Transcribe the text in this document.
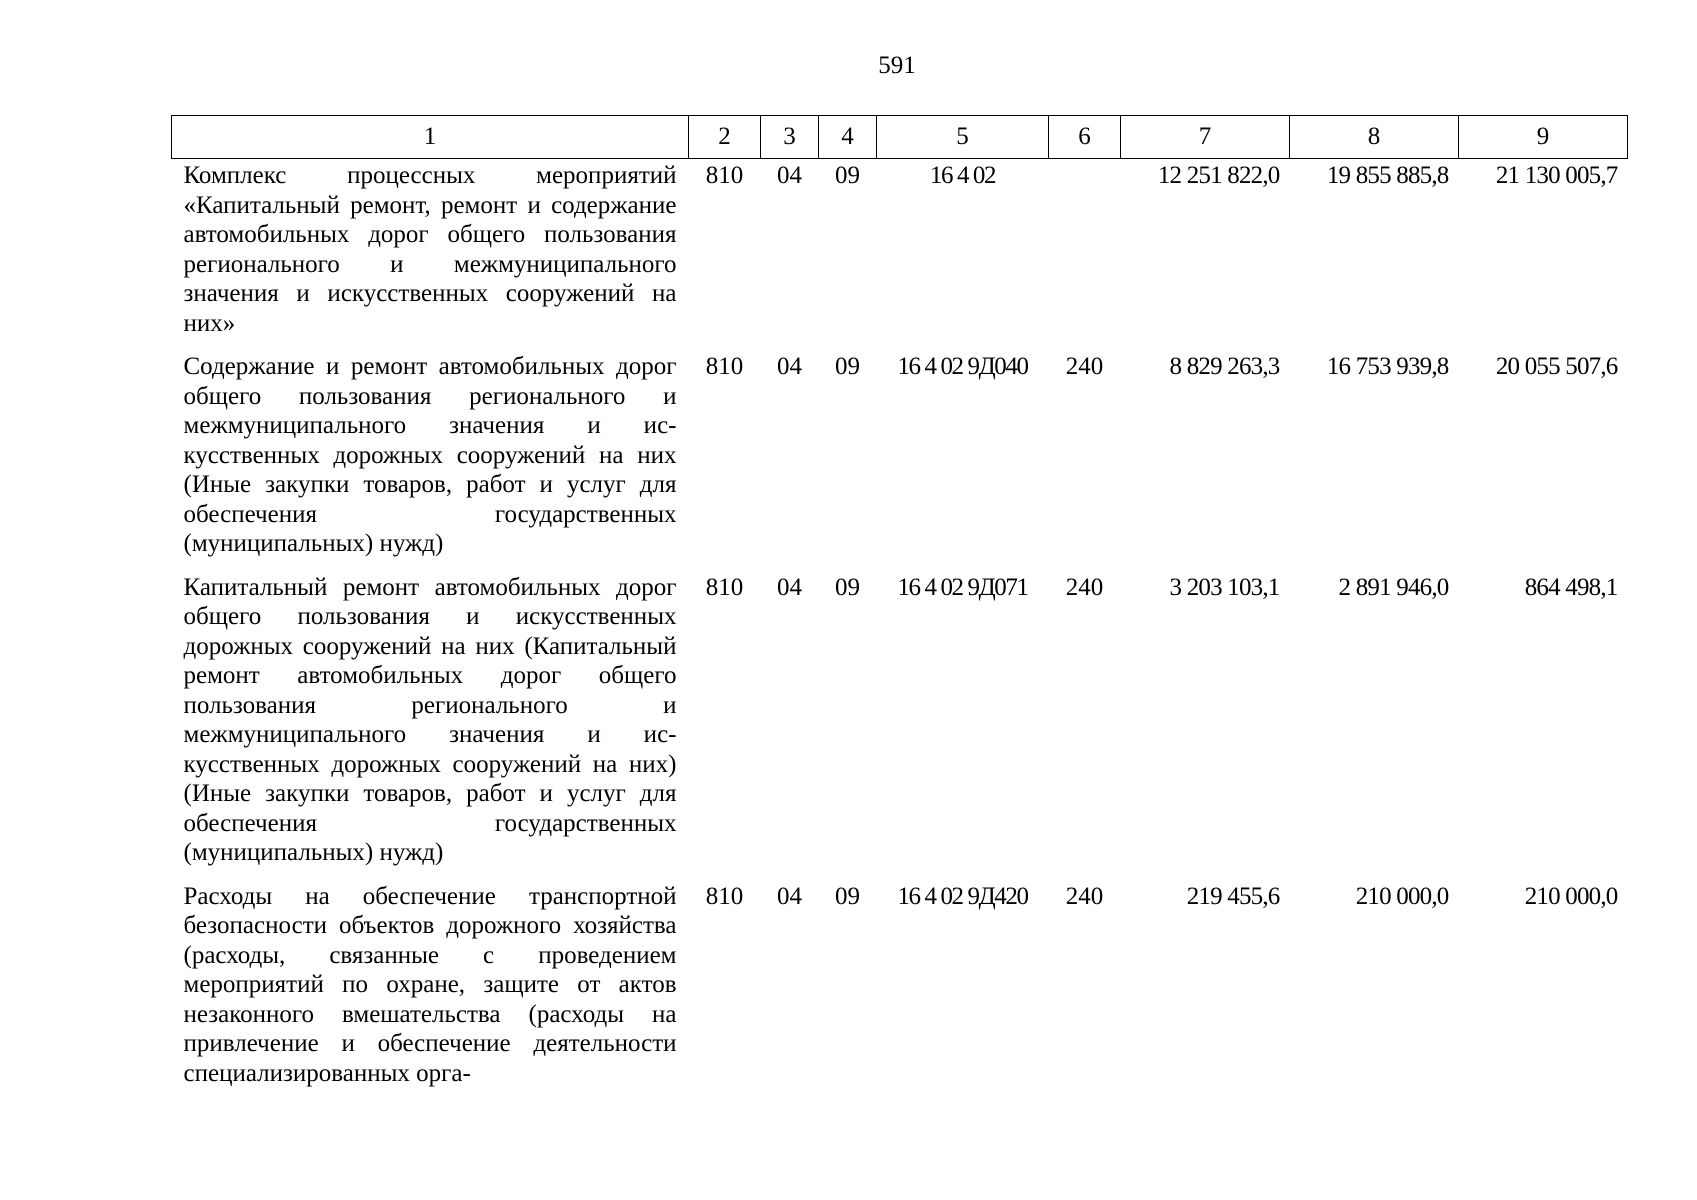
591
1	2	3	4	5	6	7	8	9
Комплекс процессных мероприятий «Капитальный ремонт, ремонт и содержание автомобильных дорог общего пользования регионального и межмуниципального значения и искусственных сооружений на них»	810	04	09	16 4 02		12 251 822,0	19 855 885,8	21 130 005,7
Содержание и ремонт автомобильных дорог общего пользования регионального и межмуниципального значения и искусственных дорожных сооружений на них (Иные закупки товаров, работ и услуг для обеспечения государственных (муниципальных) нужд)	810	04	09	16 4 02 9Д040	240	8 829 263,3	16 753 939,8	20 055 507,6
Капитальный ремонт автомобильных дорог общего пользования и искусственных дорожных сооружений на них (Капитальный ремонт автомобильных дорог общего пользования регионального и межмуниципального значения и искусственных дорожных сооружений на них) (Иные закупки товаров, работ и услуг для обеспечения государственных (муниципальных) нужд)	810	04	09	16 4 02 9Д071	240	3 203 103,1	2 891 946,0	864 498,1
Расходы на обеспечение транспортной безопасности объектов дорожного хозяйства (расходы, связанные с проведением мероприятий по охране, защите от актов незаконного вмешательства (расходы на привлечение и обеспечение деятельности специализированных орга-	810	04	09	16 4 02 9Д420	240	219 455,6	210 000,0	210 000,0
